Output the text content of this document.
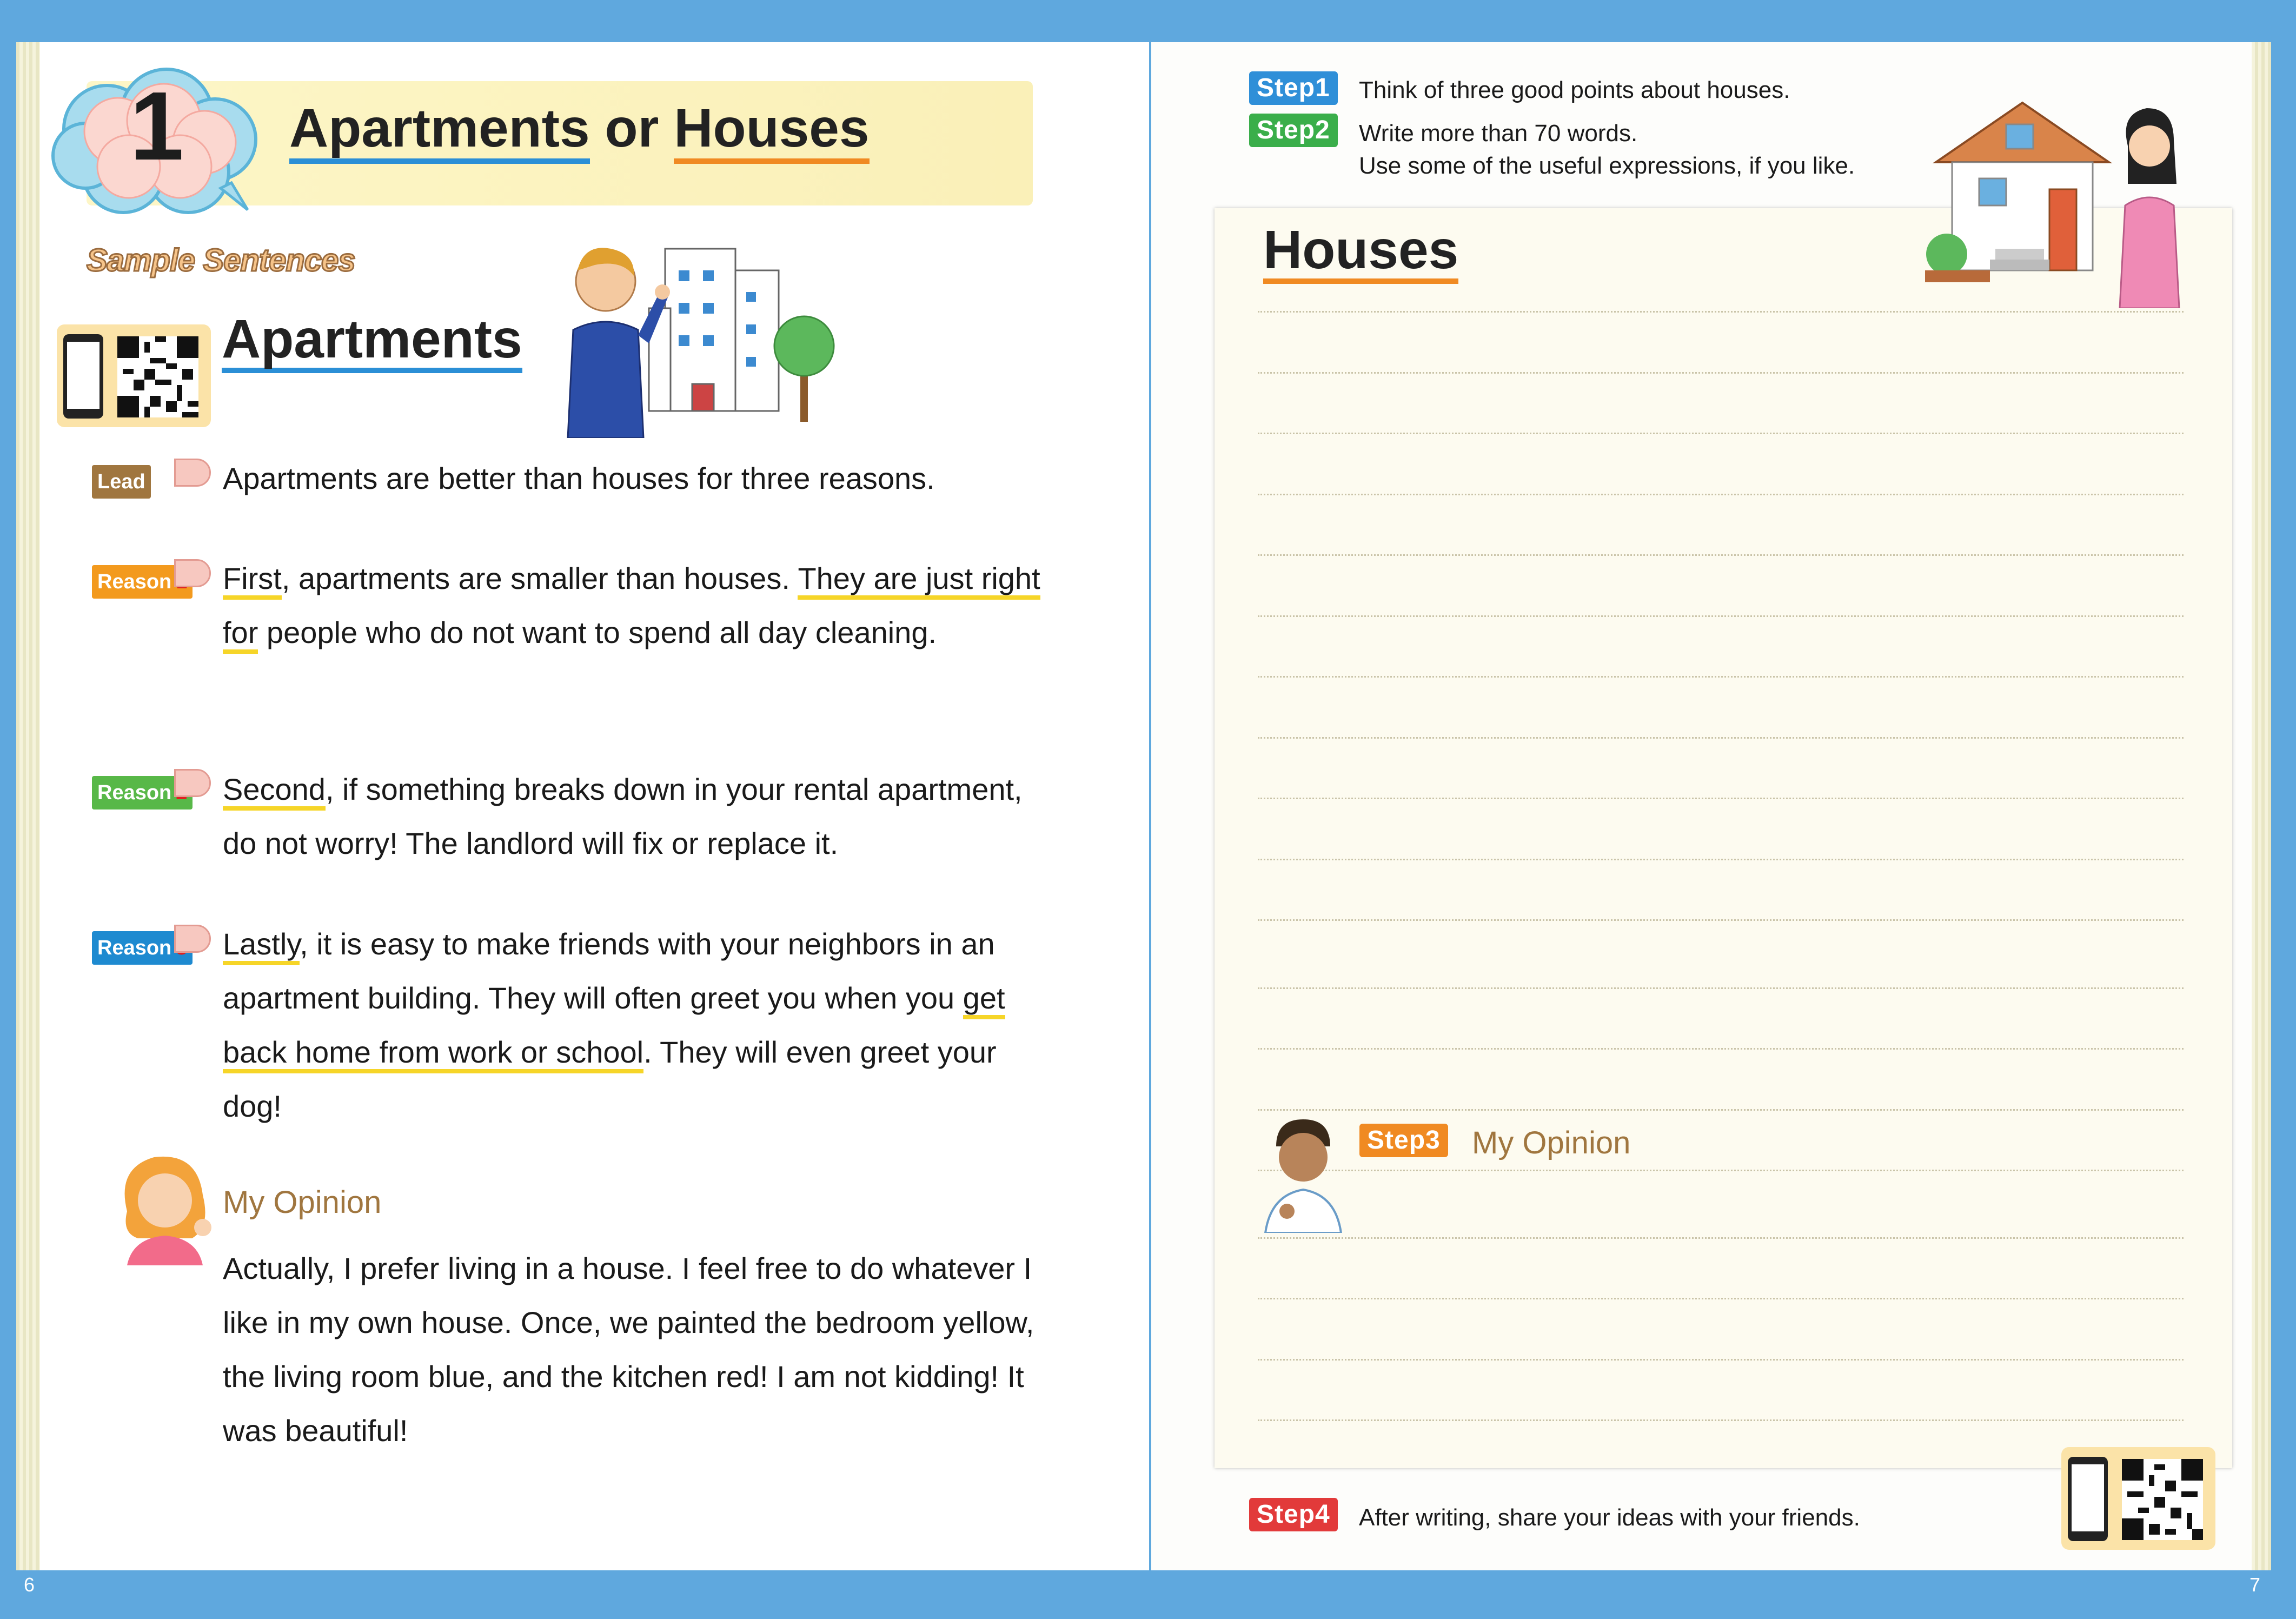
1	Apartments or Houses
Sample Sentences
Apartments
Lead	Apartments are better than houses for three reasons.
Reason	First, apartments are smaller than houses. They are just right for people who do not want to spend all day cleaning.
Reason	Second, if something breaks down in your rental apartment, do not worry! The landlord will fix or replace it.
Reason	Lastly, it is easy to make friends with your neighbors in an apartment building. They will often greet you when you get back home from work or school. They will even greet your dog!
My Opinion
Actually, I prefer living in a house. I feel free to do whatever I like in my own house. Once, we painted the bedroom yellow, the living room blue, and the kitchen red! I am not kidding! It was beautiful!
6
Step1	Think of three good points about houses.
Step2	Write more than 70 words.
Use some of the useful expressions, if you like.
Houses
Step3 My Opinion
Step4	After writing, share your ideas with your friends.
7
